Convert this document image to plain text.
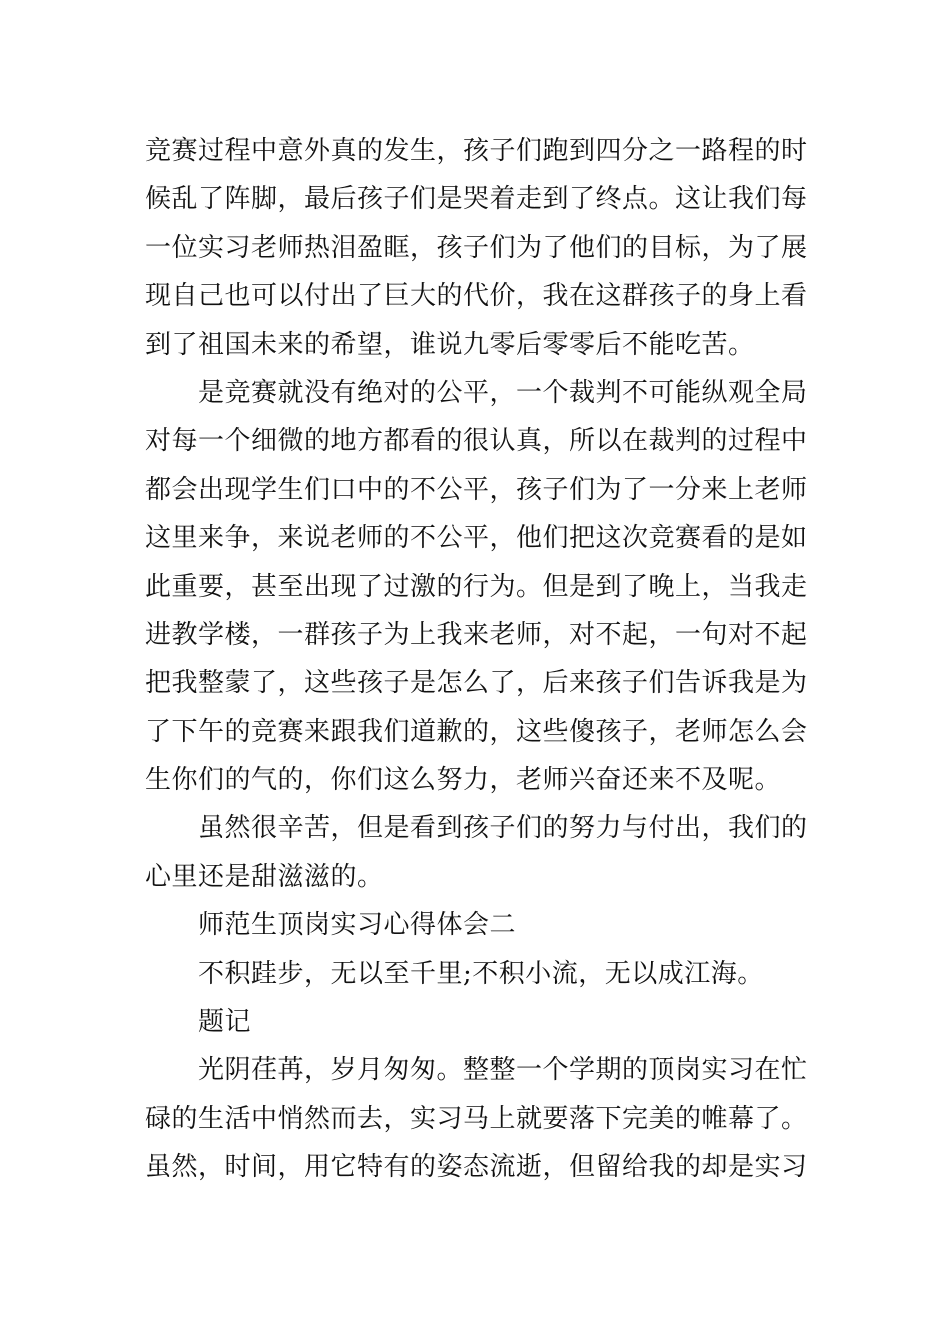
竞赛过程中意外真的发生，孩子们跑到四分之一路程的时
候乱了阵脚，最后孩子们是哭着走到了终点。这让我们每
一位实习老师热泪盈眶，孩子们为了他们的目标，为了展
现自己也可以付出了巨大的代价，我在这群孩子的身上看
到了祖国未来的希望，谁说九零后零零后不能吃苦。
是竞赛就没有绝对的公平，一个裁判不可能纵观全局
对每一个细微的地方都看的很认真，所以在裁判的过程中
都会出现学生们口中的不公平，孩子们为了一分来上老师
这里来争，来说老师的不公平，他们把这次竞赛看的是如
此重要，甚至出现了过激的行为。但是到了晚上，当我走
进教学楼，一群孩子为上我来老师，对不起，一句对不起
把我整蒙了，这些孩子是怎么了，后来孩子们告诉我是为
了下午的竞赛来跟我们道歉的，这些傻孩子，老师怎么会
生你们的气的，你们这么努力，老师兴奋还来不及呢。
虽然很辛苦，但是看到孩子们的努力与付出，我们的
心里还是甜滋滋的。
师范生顶岗实习心得体会二
不积跬步，无以至千里;不积小流，无以成江海。
题记
光阴荏苒，岁月匆匆。整整一个学期的顶岗实习在忙
碌的生活中悄然而去，实习马上就要落下完美的帷幕了。
虽然，时间，用它特有的姿态流逝，但留给我的却是实习
